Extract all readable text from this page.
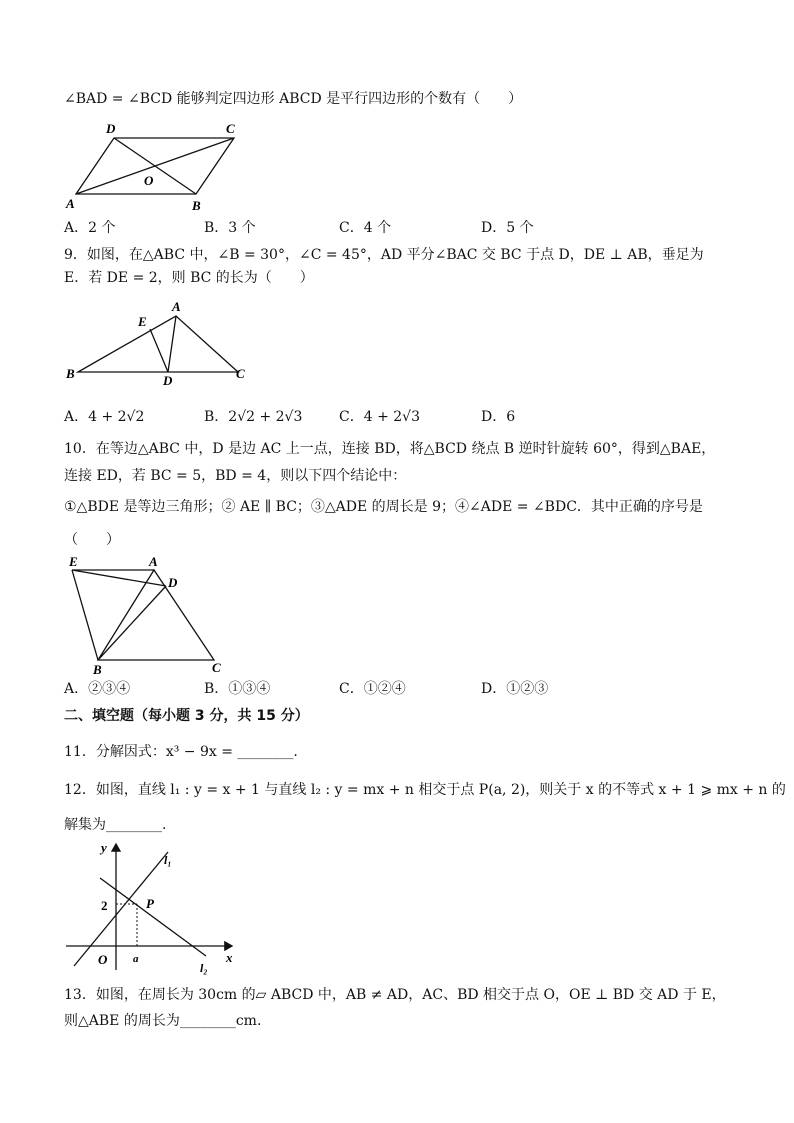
∠BAD = ∠BCD 能够判定四边形 ABCD 是平行四边形的个数有（　　）
A	B
C
D
O
A．2 个	B．3 个	C．4 个	D．5 个
9．如图，在△ABC 中，∠B = 30°，∠C = 45°，AD 平分∠BAC 交 BC 于点 D，DE ⊥ AB，垂足为
E．若 DE = 2，则 BC 的长为（　　）
A
B	C
D
E
A．4 + 2√2	B．2√2 + 2√3	C．4 + 2√3	D．6
10．在等边△ABC 中，D 是边 AC 上一点，连接 BD，将△BCD 绕点 B 逆时针旋转 60°，得到△BAE，
连接 ED，若 BC = 5，BD = 4，则以下四个结论中：
①△BDE 是等边三角形；② AE ∥ BC；③△ADE 的周长是 9；④∠ADE = ∠BDC．其中正确的序号是
（　　）
E	A
D
B	C
A．②③④	B．①③④	C．①②④	D．①②③
二、填空题（每小题 3 分，共 15 分）
11．分解因式：x³ − 9x = ________.
12．如图，直线 l₁ : y = x + 1 与直线 l₂ : y = mx + n 相交于点 P(a, 2)，则关于 x 的不等式 x + 1 ⩾ mx + n 的
解集为________.
y
x
O
P
2
a
l₁
l₂
13．如图，在周长为 30cm 的▱ ABCD 中，AB ≠ AD，AC、BD 相交于点 O，OE ⊥ BD 交 AD 于 E，
则△ABE 的周长为________cm.
